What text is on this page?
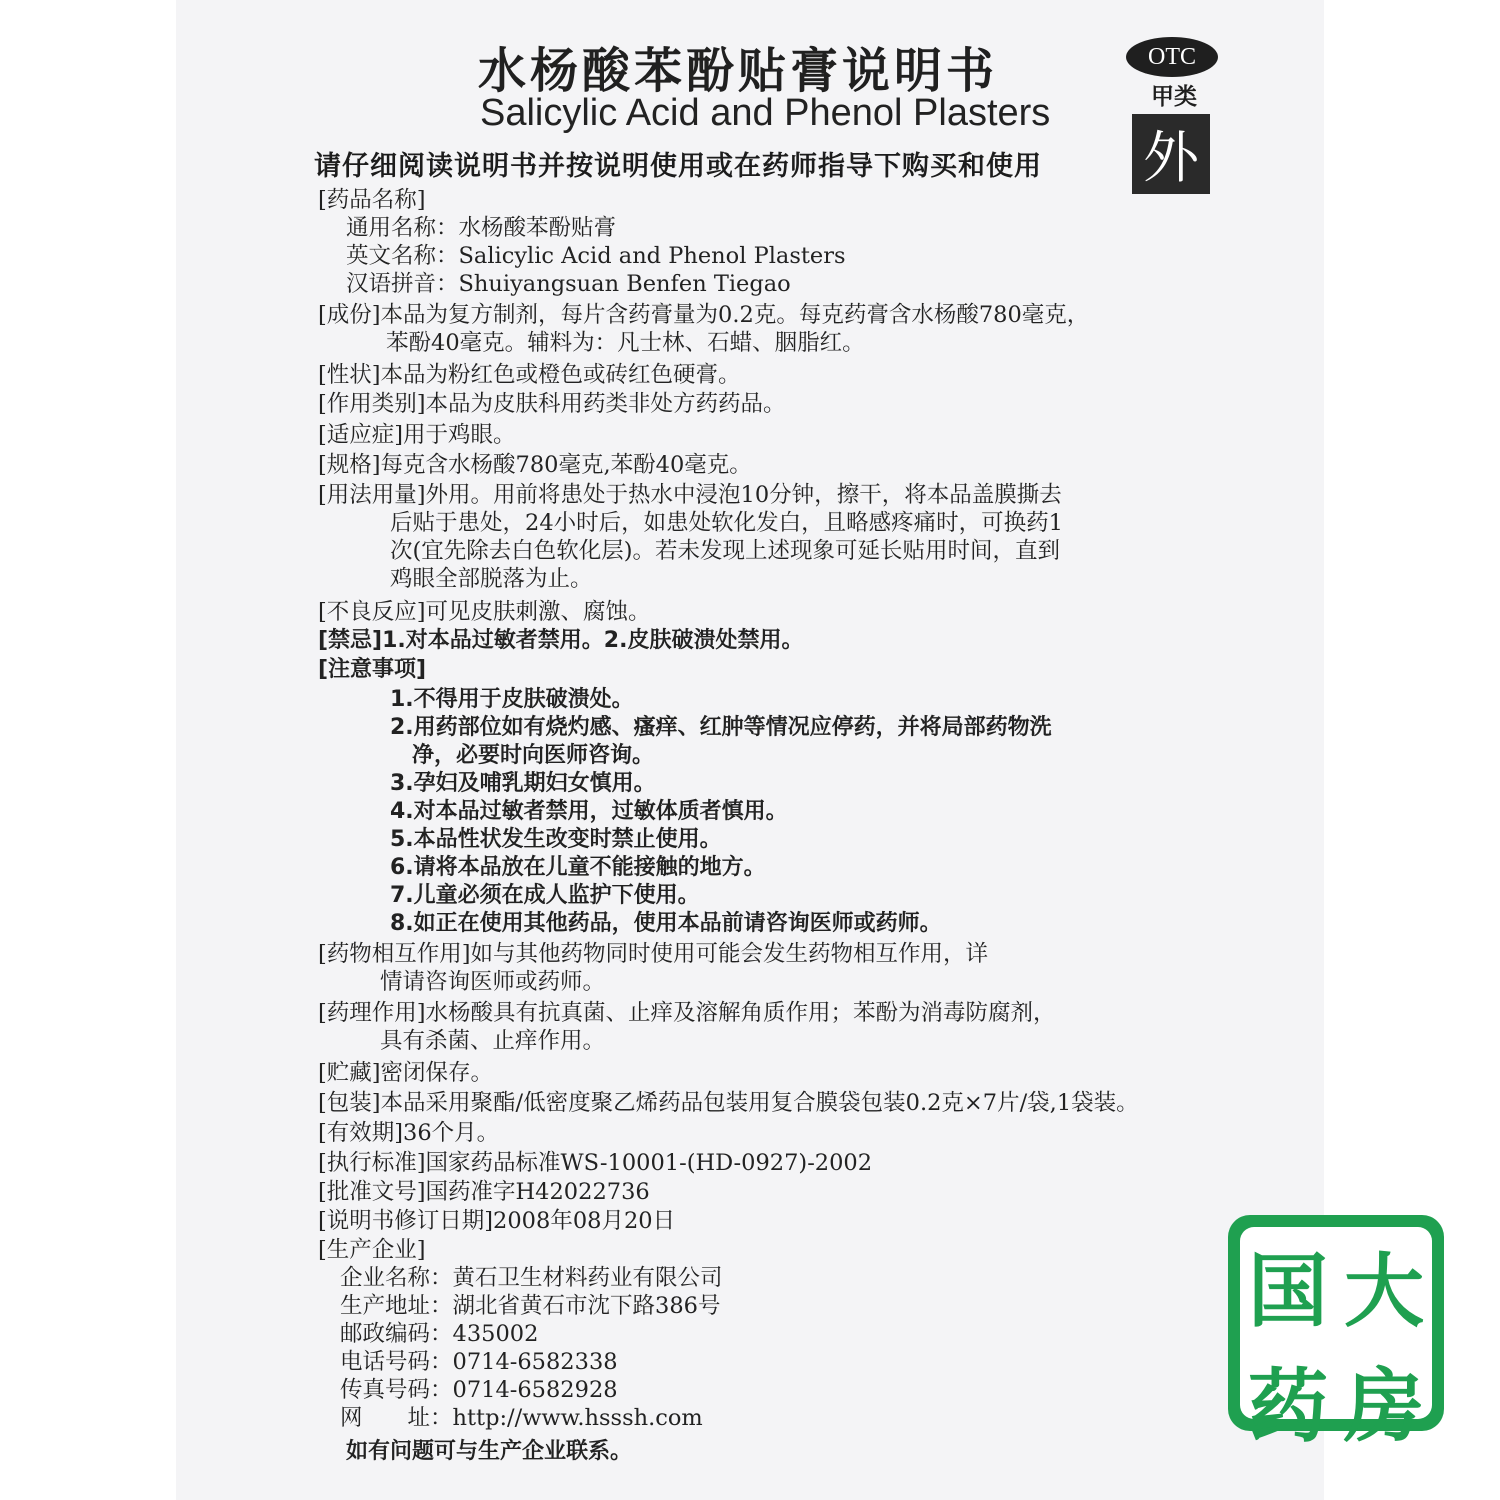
水杨酸苯酚贴膏说明书
Salicylic Acid and Phenol Plasters
请仔细阅读说明书并按说明使用或在药师指导下购买和使用
OTC
甲类
外
[药品名称]
通用名称：水杨酸苯酚贴膏
英文名称：Salicylic Acid and Phenol Plasters
汉语拼音：Shuiyangsuan Benfen Tiegao
[成份]本品为复方制剂，每片含药膏量为0.2克。每克药膏含水杨酸780毫克，
苯酚40毫克。辅料为：凡士林、石蜡、胭脂红。
[性状]本品为粉红色或橙色或砖红色硬膏。
[作用类别]本品为皮肤科用药类非处方药药品。
[适应症]用于鸡眼。
[规格]每克含水杨酸780毫克,苯酚40毫克。
[用法用量]外用。用前将患处于热水中浸泡10分钟，擦干，将本品盖膜撕去
后贴于患处，24小时后，如患处软化发白，且略感疼痛时，可换药1
次(宜先除去白色软化层)。若未发现上述现象可延长贴用时间，直到
鸡眼全部脱落为止。
[不良反应]可见皮肤刺激、腐蚀。
[禁忌]1.对本品过敏者禁用。2.皮肤破溃处禁用。
[注意事项]
1.不得用于皮肤破溃处。
2.用药部位如有烧灼感、瘙痒、红肿等情况应停药，并将局部药物洗
净，必要时向医师咨询。
3.孕妇及哺乳期妇女慎用。
4.对本品过敏者禁用，过敏体质者慎用。
5.本品性状发生改变时禁止使用。
6.请将本品放在儿童不能接触的地方。
7.儿童必须在成人监护下使用。
8.如正在使用其他药品，使用本品前请咨询医师或药师。
[药物相互作用]如与其他药物同时使用可能会发生药物相互作用，详
情请咨询医师或药师。
[药理作用]水杨酸具有抗真菌、止痒及溶解角质作用；苯酚为消毒防腐剂，
具有杀菌、止痒作用。
[贮藏]密闭保存。
[包装]本品采用聚酯/低密度聚乙烯药品包装用复合膜袋包装0.2克×7片/袋,1袋装。
[有效期]36个月。
[执行标准]国家药品标准WS-10001-(HD-0927)-2002
[批准文号]国药准字H42022736
[说明书修订日期]2008年08月20日
[生产企业]
企业名称：黄石卫生材料药业有限公司
生产地址：湖北省黄石市沈下路386号
邮政编码：435002
电话号码：0714-6582338
传真号码：0714-6582928
网　　址：http://www.hsssh.com
如有问题可与生产企业联系。
国 大
药 房
